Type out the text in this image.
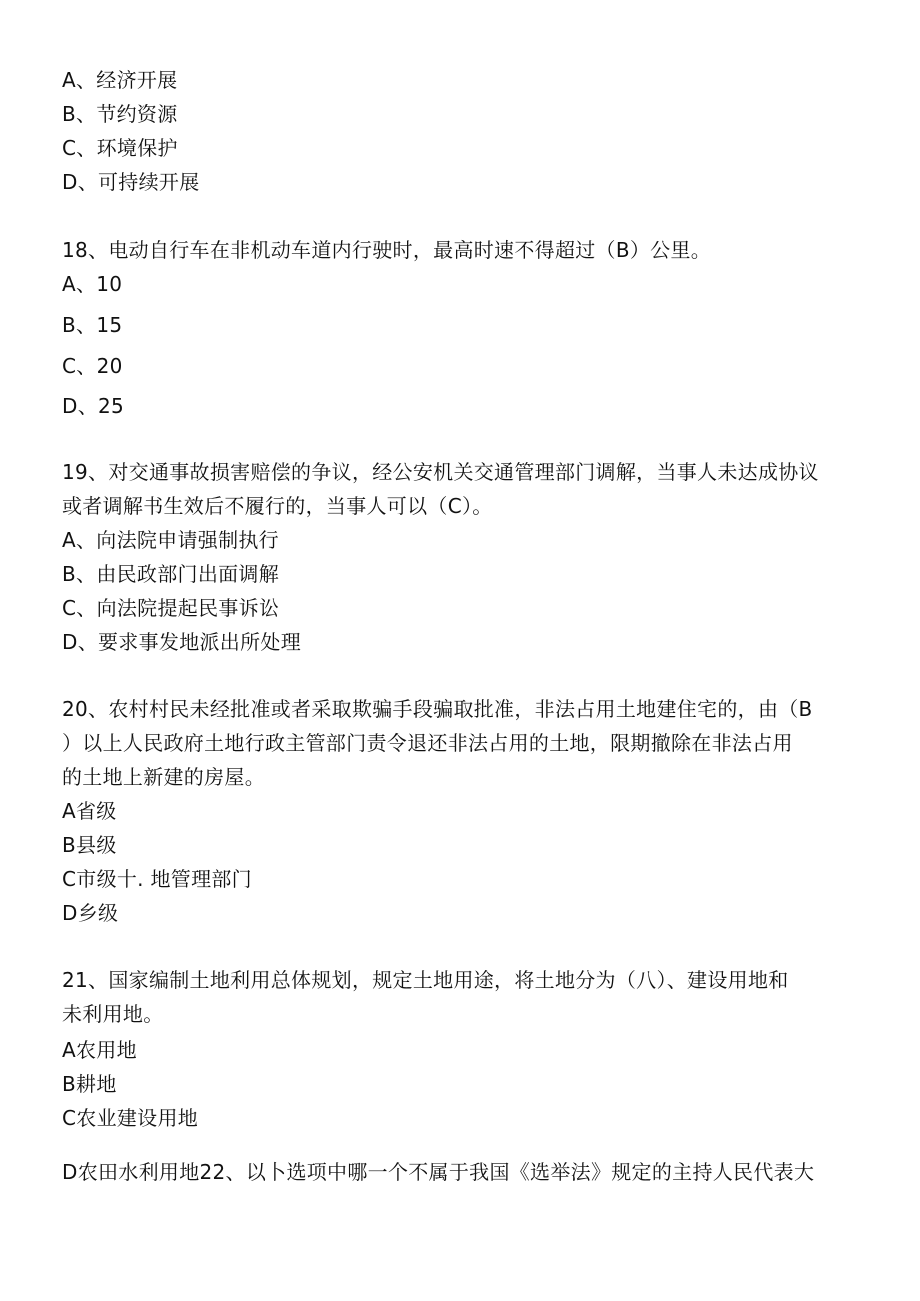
A、经济开展
B、节约资源
C、环境保护
D、可持续开展
18、电动自行车在非机动车道内行驶时，最高时速不得超过（B）公里。
A、10
B、15
C、20
D、25
19、对交通事故损害赔偿的争议，经公安机关交通管理部门调解，当事人未达成协议
或者调解书生效后不履行的，当事人可以（C）。
A、向法院申请强制执行
B、由民政部门出面调解
C、向法院提起民事诉讼
D、要求事发地派出所处理
20、农村村民未经批准或者采取欺骗手段骗取批准，非法占用土地建住宅的，由（B
）以上人民政府土地行政主管部门责令退还非法占用的土地，限期撤除在非法占用
的土地上新建的房屋。
A省级
B县级
C市级十. 地管理部门
D乡级
21、国家编制土地利用总体规划，规定土地用途，将土地分为（八）、建设用地和
未利用地。
A农用地
B耕地
C农业建设用地
D农田水利用地22、以卜选项中哪一个不属于我国《选举法》规定的主持人民代表大
